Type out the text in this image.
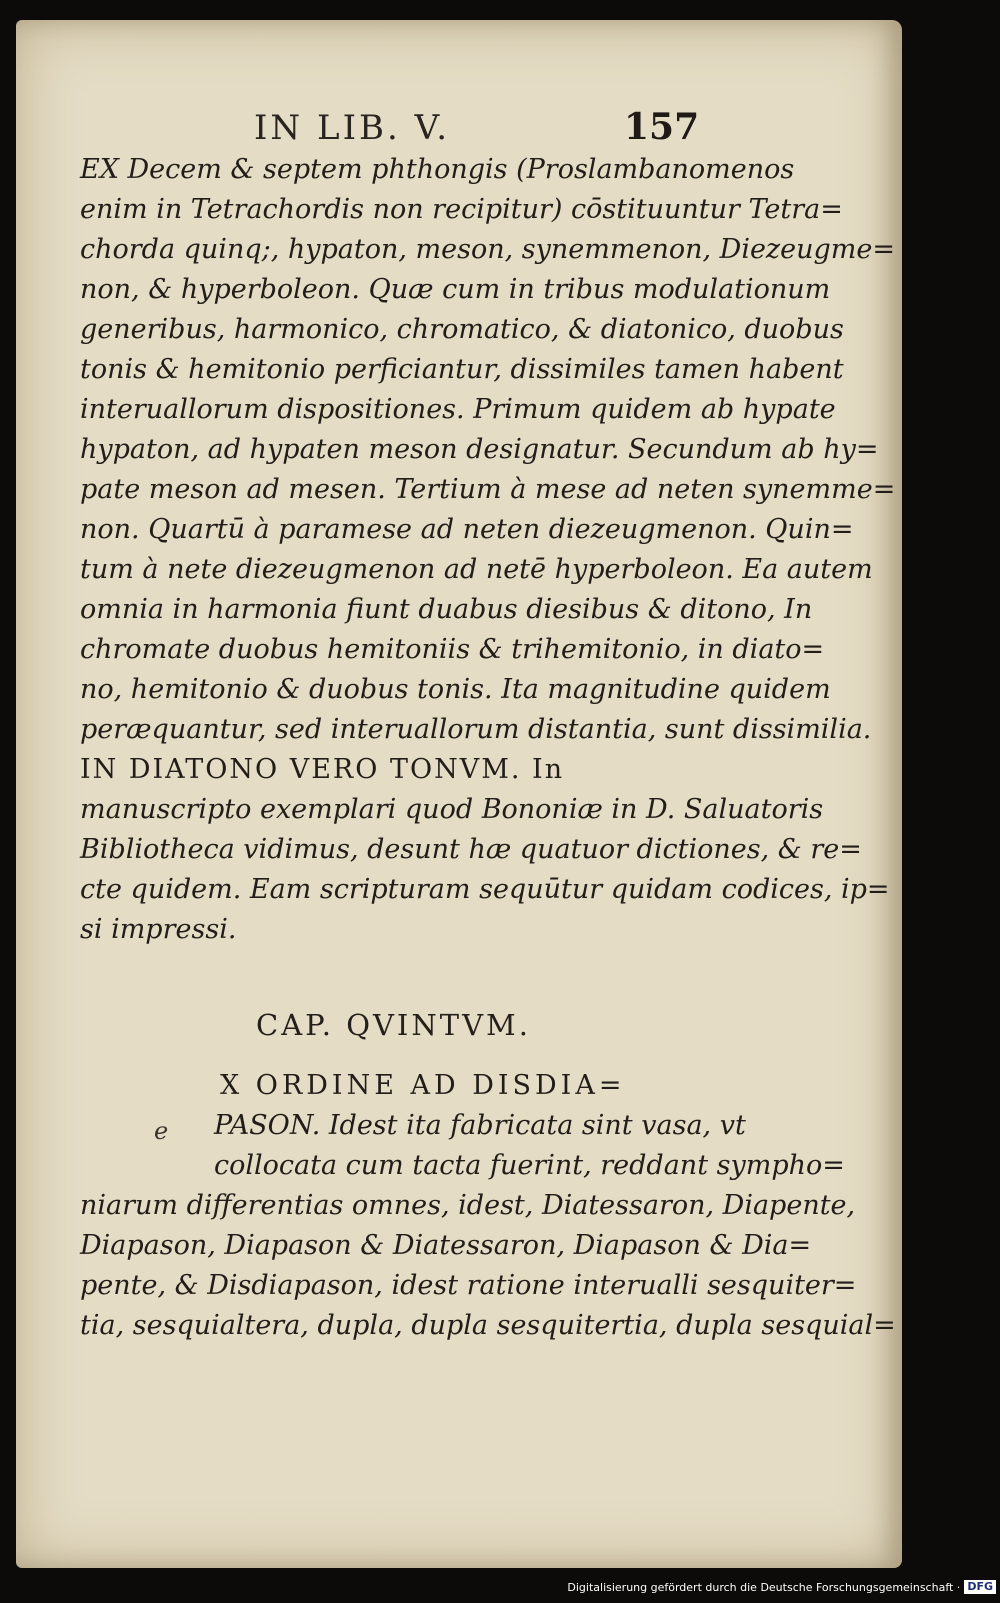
IN LIB. V.	157
EX Decem & septem phthongis (Proslambanomenos
enim in Tetrachordis non recipitur) cōstituuntur Tetra=
chorda quinq;, hypaton, meson, synemmenon, Diezeugme=
non, & hyperboleon. Quæ cum in tribus modulationum
generibus, harmonico, chromatico, & diatonico, duobus
tonis & hemitonio perficiantur, dissimiles tamen habent
interuallorum dispositiones. Primum quidem ab hypate
hypaton, ad hypaten meson designatur. Secundum ab hy=
pate meson ad mesen. Tertium à mese ad neten synemme=
non. Quartū à paramese ad neten diezeugmenon. Quin=
tum à nete diezeugmenon ad netē hyperboleon. Ea autem
omnia in harmonia fiunt duabus diesibus & ditono, In
chromate duobus hemitoniis & trihemitonio, in diato=
no, hemitonio & duobus tonis. Ita magnitudine quidem
peræquantur, sed interuallorum distantia, sunt dissimilia.
IN DIATONO VERO TONVM. In
manuscripto exemplari quod Bononiæ in D. Saluatoris
Bibliotheca vidimus, desunt hæ quatuor dictiones, & re=
cte quidem. Eam scripturam sequūtur quidam codices, ip=
si impressi.
CAP. QVINTVM.
e
X ORDINE AD DISDIA=
PASON. Idest ita fabricata sint vasa, vt
collocata cum tacta fuerint, reddant sympho=
niarum differentias omnes, idest, Diatessaron, Diapente,
Diapason, Diapason & Diatessaron, Diapason & Dia=
pente, & Disdiapason, idest ratione interualli sesquiter=
tia, sesquialtera, dupla, dupla sesquitertia, dupla sesquial=
Digitalisierung gefördert durch die Deutsche Forschungsgemeinschaft · DFG
